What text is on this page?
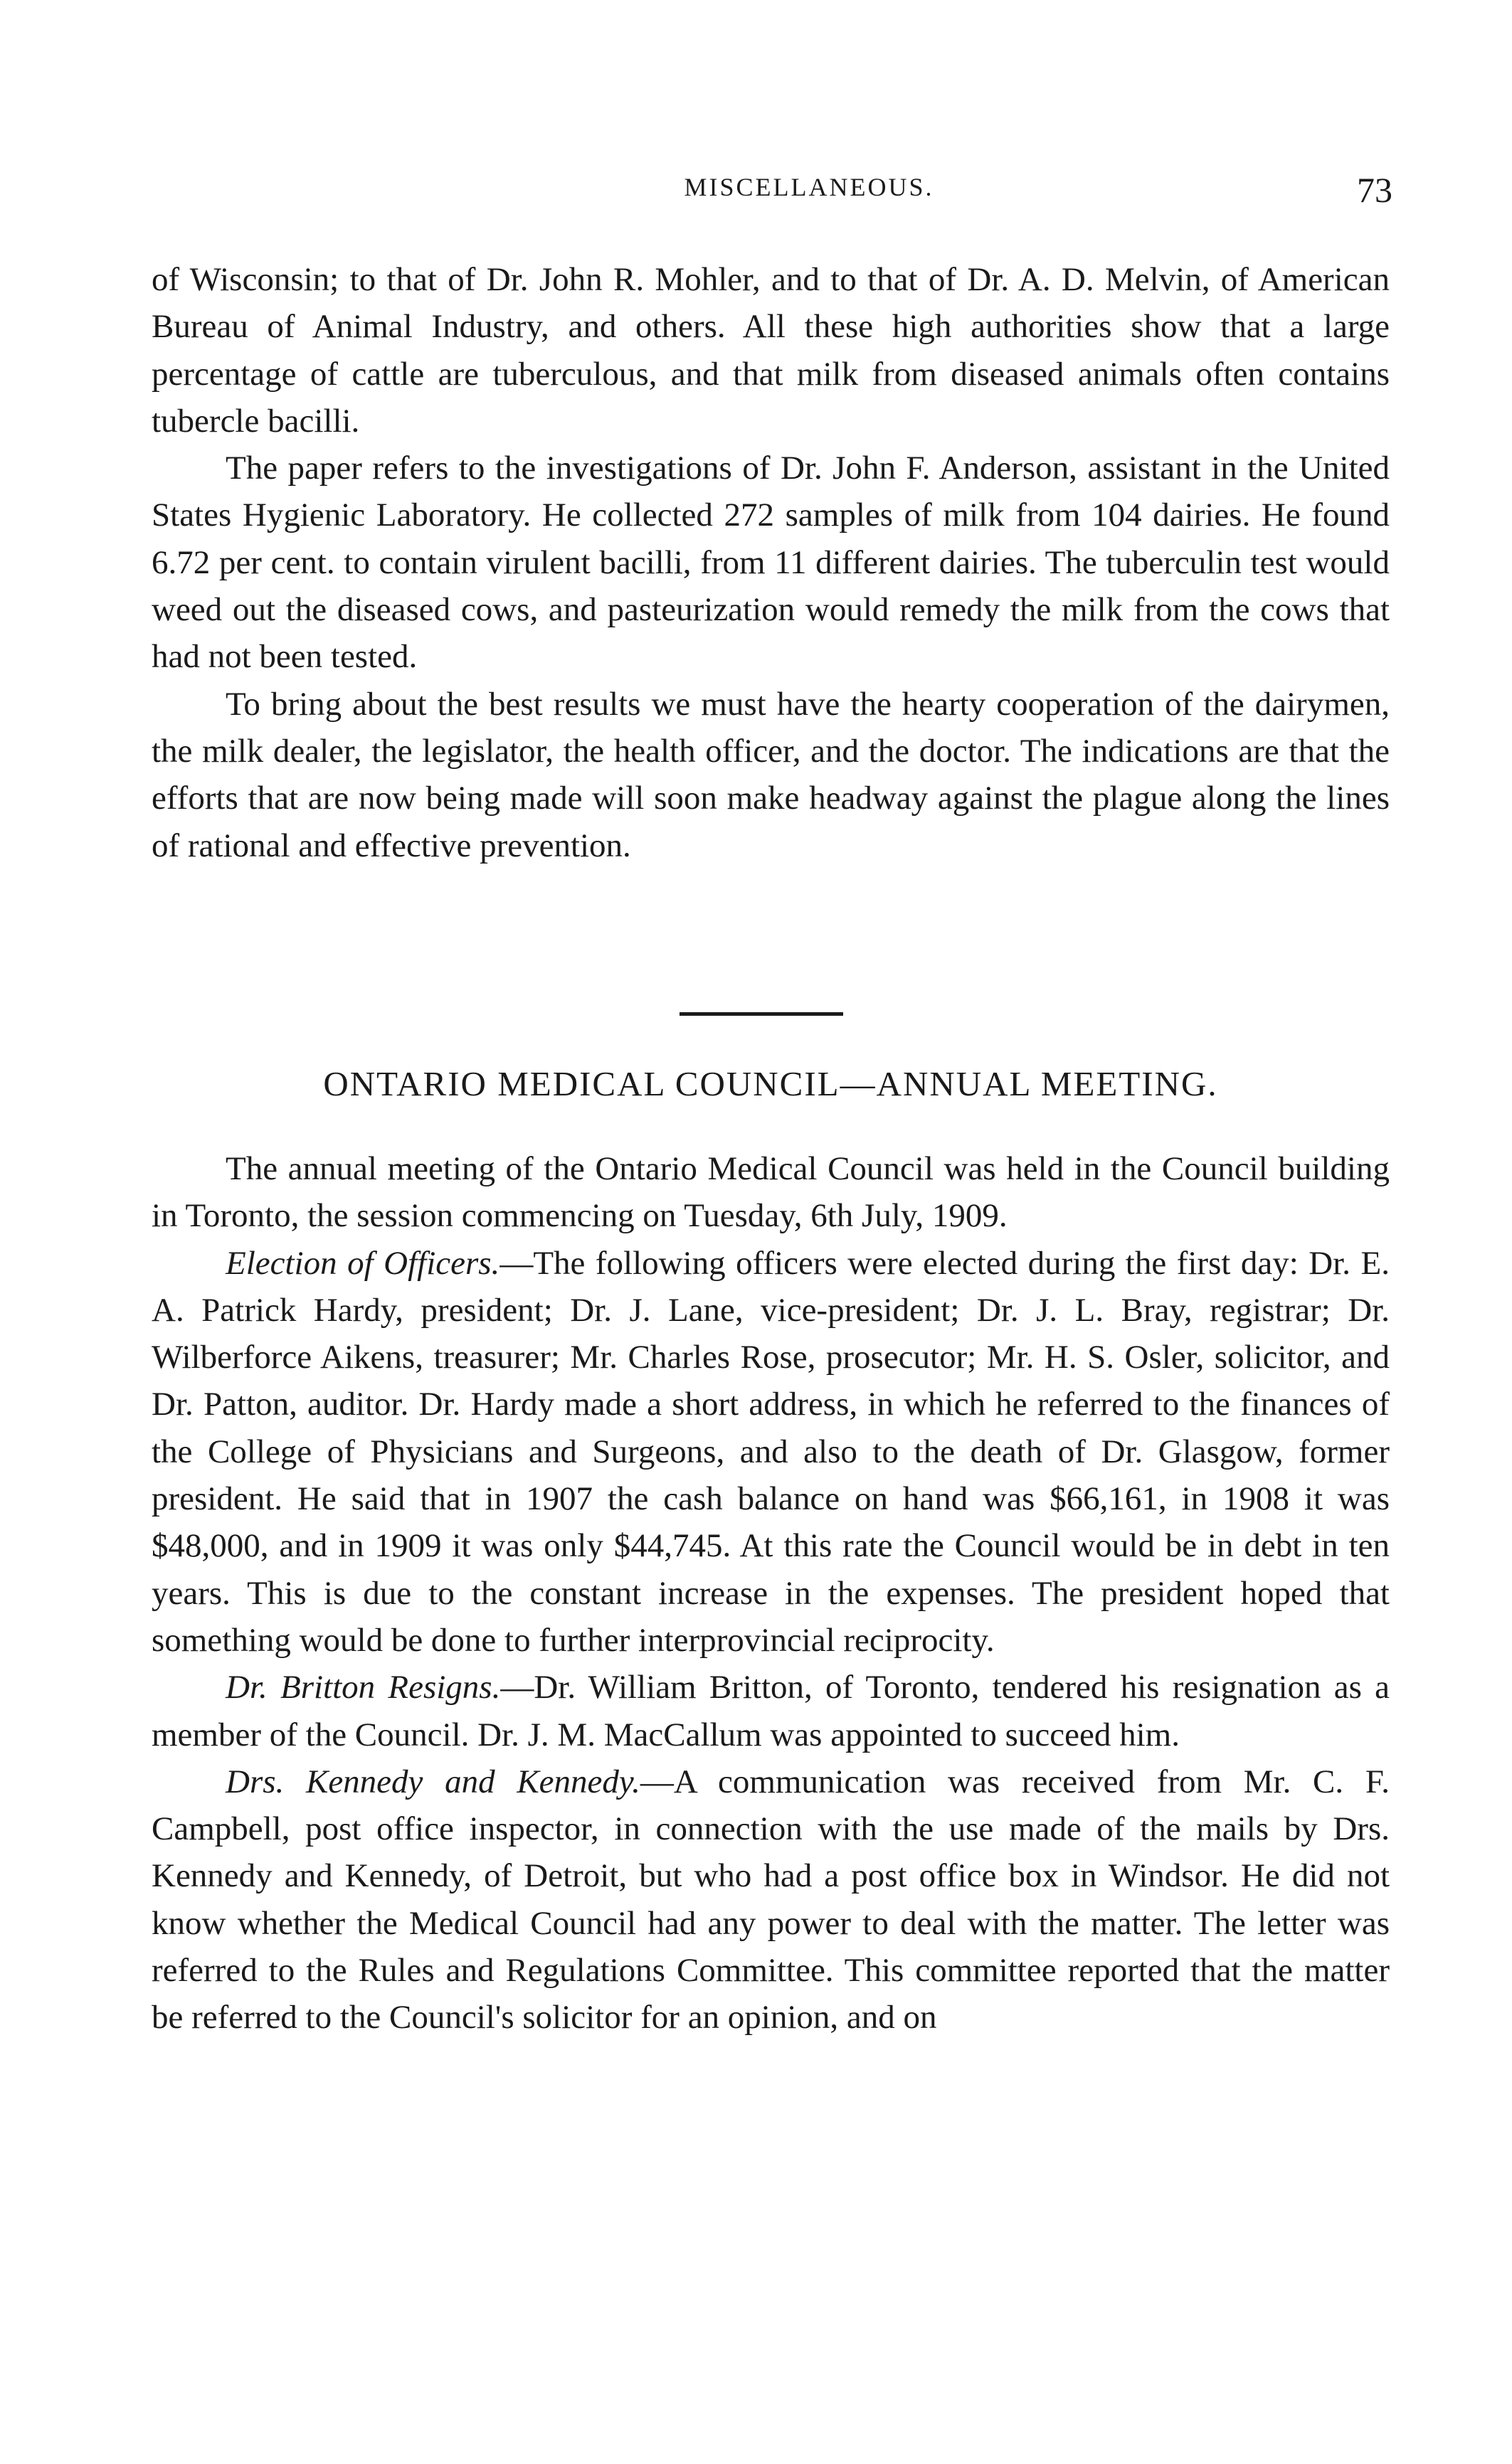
MISCELLANEOUS.	73

of Wisconsin; to that of Dr. John R. Mohler, and to that of Dr. A. D. Melvin, of American Bureau of Animal Industry, and others. All these high authorities show that a large percentage of cattle are tuberculous, and that milk from diseased animals often contains tubercle bacilli.

The paper refers to the investigations of Dr. John F. Anderson, assistant in the United States Hygienic Laboratory. He collected 272 samples of milk from 104 dairies. He found 6.72 per cent. to contain virulent bacilli, from 11 different dairies. The tuberculin test would weed out the diseased cows, and pasteurization would remedy the milk from the cows that had not been tested.

To bring about the best results we must have the hearty cooperation of the dairymen, the milk dealer, the legislator, the health officer, and the doctor. The indications are that the efforts that are now being made will soon make headway against the plague along the lines of rational and effective prevention.

ONTARIO MEDICAL COUNCIL—ANNUAL MEETING.

The annual meeting of the Ontario Medical Council was held in the Council building in Toronto, the session commencing on Tuesday, 6th July, 1909.

Election of Officers.—The following officers were elected during the first day: Dr. E. A. Patrick Hardy, president; Dr. J. Lane, vice-president; Dr. J. L. Bray, registrar; Dr. Wilberforce Aikens, treasurer; Mr. Charles Rose, prosecutor; Mr. H. S. Osler, solicitor, and Dr. Patton, auditor. Dr. Hardy made a short address, in which he referred to the finances of the College of Physicians and Surgeons, and also to the death of Dr. Glasgow, former president. He said that in 1907 the cash balance on hand was $66,161, in 1908 it was $48,000, and in 1909 it was only $44,745. At this rate the Council would be in debt in ten years. This is due to the constant increase in the expenses. The president hoped that something would be done to further interprovincial reciprocity.

Dr. Britton Resigns.—Dr. William Britton, of Toronto, tendered his resignation as a member of the Council. Dr. J. M. MacCallum was appointed to succeed him.

Drs. Kennedy and Kennedy.—A communication was received from Mr. C. F. Campbell, post office inspector, in connection with the use made of the mails by Drs. Kennedy and Kennedy, of Detroit, but who had a post office box in Windsor. He did not know whether the Medical Council had any power to deal with the matter. The letter was referred to the Rules and Regulations Committee. This committee reported that the matter be referred to the Council's solicitor for an opinion, and on
